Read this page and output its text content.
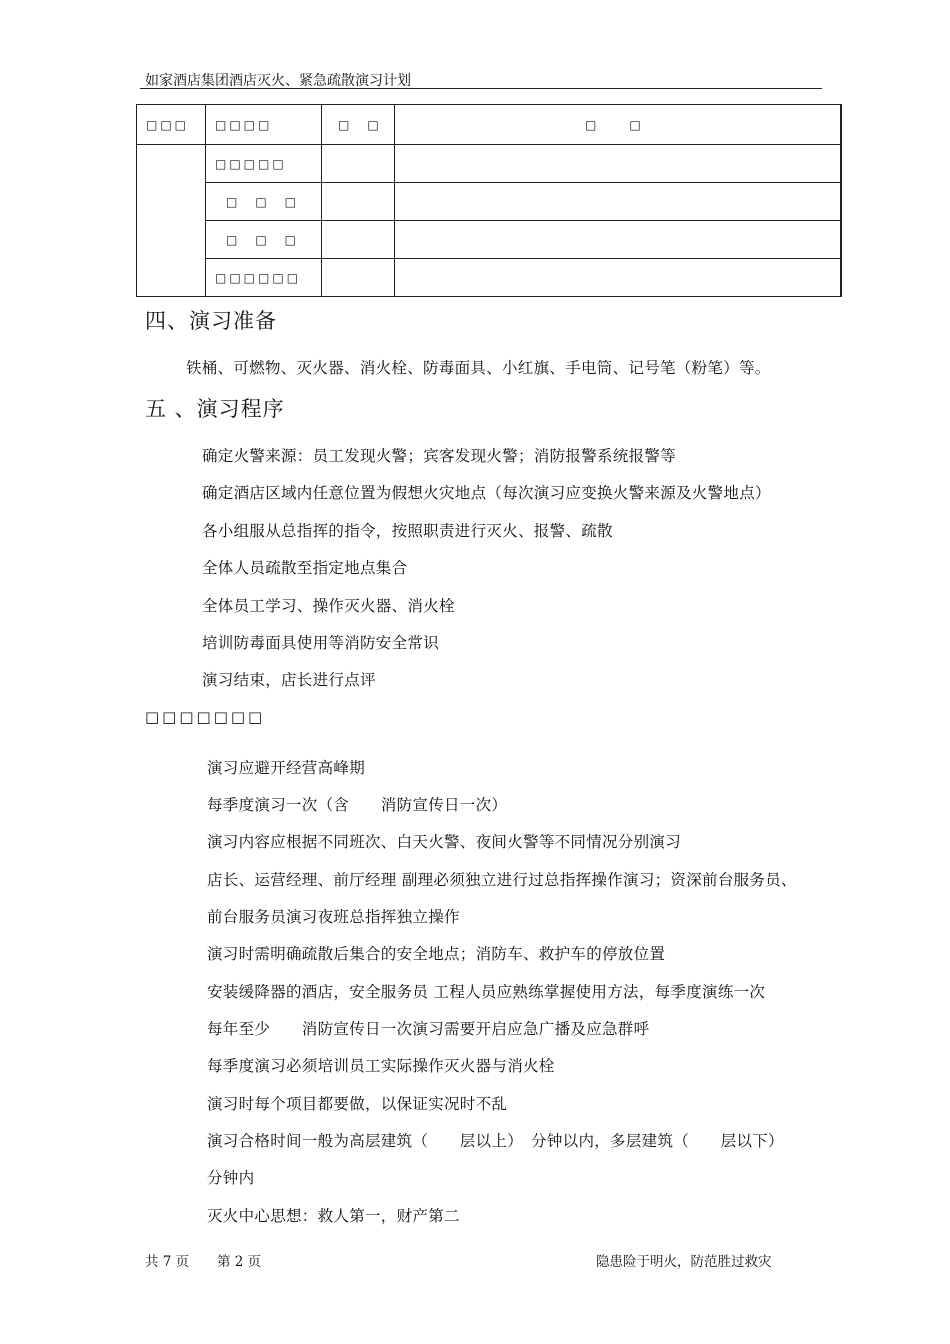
如家酒店集团酒店灭火、紧急疏散演习计划
□□□	□□□□	□　□	□　　□
	□□□□□		
	□　□　□		
	□　□　□		
	□□□□□□		
四、演习准备
铁桶、可燃物、灭火器、消火栓、防毒面具、小红旗、手电筒、记号笔（粉笔）等。
五 、演习程序
确定火警来源：员工发现火警；宾客发现火警；消防报警系统报警等
确定酒店区域内任意位置为假想火灾地点（每次演习应变换火警来源及火警地点）
各小组服从总指挥的指令，按照职责进行灭火、报警、疏散
全体人员疏散至指定地点集合
全体员工学习、操作灭火器、消火栓
培训防毒面具使用等消防安全常识
演习结束，店长进行点评
□□□□□□□
演习应避开经营高峰期
每季度演习一次（含　　消防宣传日一次）
演习内容应根据不同班次、白天火警、夜间火警等不同情况分别演习
店长、运营经理、前厅经理 副理必须独立进行过总指挥操作演习；资深前台服务员、
前台服务员演习夜班总指挥独立操作
演习时需明确疏散后集合的安全地点；消防车、救护车的停放位置
安装缓降器的酒店，安全服务员 工程人员应熟练掌握使用方法，每季度演练一次
每年至少　　消防宣传日一次演习需要开启应急广播及应急群呼
每季度演习必须培训员工实际操作灭火器与消火栓
演习时每个项目都要做，以保证实况时不乱
演习合格时间一般为高层建筑（　　层以上）　分钟以内，多层建筑（　　层以下）
分钟内
灭火中心思想：救人第一，财产第二
共 7 页 第 2 页	隐患险于明火，防范胜过救灾
